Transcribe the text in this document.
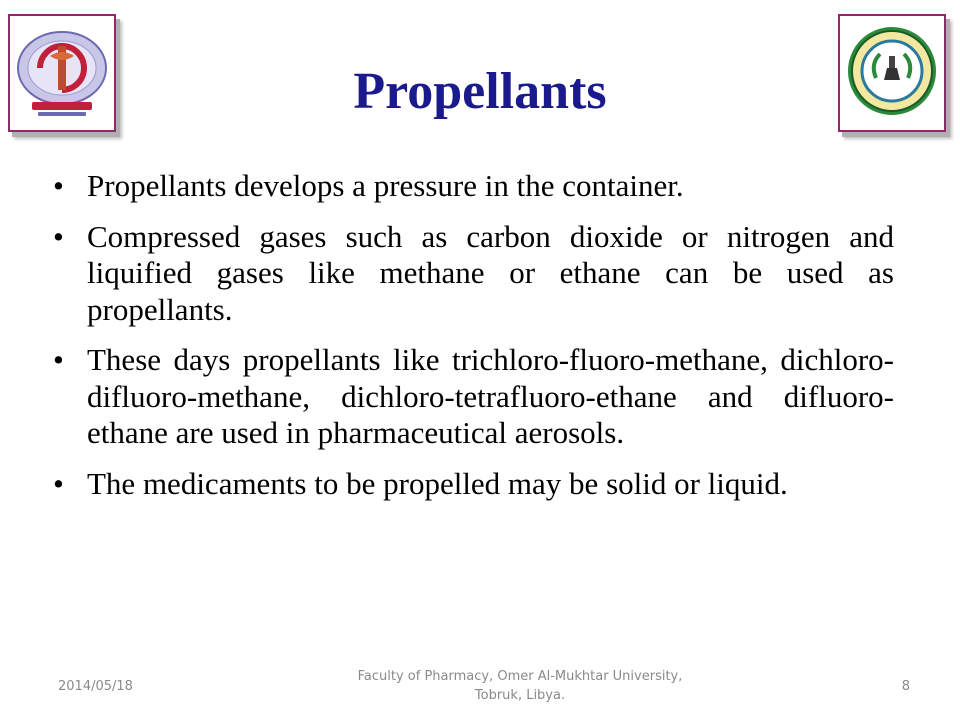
Propellants
• Propellants develops a pressure in the container.
• Compressed gases such as carbon dioxide or nitrogen and liquified gases like methane or ethane can be used as propellants.
• These days propellants like trichloro-fluoro-methane, dichloro-difluoro-methane, dichloro-tetrafluoro-ethane and difluoro-ethane are used in pharmaceutical aerosols.
• The medicaments to be propelled may be solid or liquid.
2014/05/18
Faculty of Pharmacy, Omer Al-Mukhtar University,
Tobruk, Libya.
8
